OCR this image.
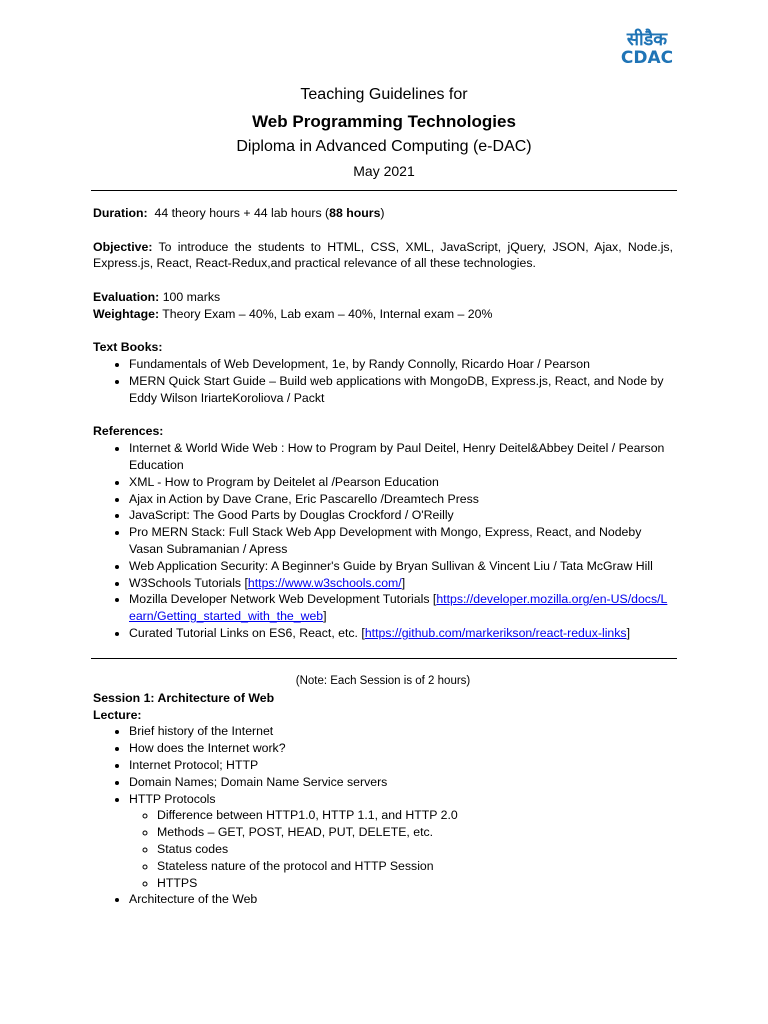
सीडैक
CDAC
Teaching Guidelines for
Web Programming Technologies
Diploma in Advanced Computing (e-DAC)
May 2021

Duration: 44 theory hours + 44 lab hours (88 hours)

Objective: To introduce the students to HTML, CSS, XML, JavaScript, jQuery, JSON, Ajax, Node.js, Express.js, React, React-Redux,and practical relevance of all these technologies.

Evaluation: 100 marks

Weightage: Theory Exam – 40%, Lab exam – 40%, Internal exam – 20%

Text Books:

• Fundamentals of Web Development, 1e, by Randy Connolly, Ricardo Hoar / Pearson
• MERN Quick Start Guide – Build web applications with MongoDB, Express.js, React, and Node by Eddy Wilson IriarteKoroliova / Packt

References:

• Internet & World Wide Web : How to Program by Paul Deitel, Henry Deitel&Abbey Deitel / Pearson Education
• XML - How to Program by Deitelet al /Pearson Education
• Ajax in Action by Dave Crane, Eric Pascarello /Dreamtech Press
• JavaScript: The Good Parts by Douglas Crockford / O'Reilly
• Pro MERN Stack: Full Stack Web App Development with Mongo, Express, React, and Nodeby Vasan Subramanian / Apress
• Web Application Security: A Beginner's Guide by Bryan Sullivan & Vincent Liu / Tata McGraw Hill
• W3Schools Tutorials [https://www.w3schools.com/]
• Mozilla Developer Network Web Development Tutorials [https://developer.mozilla.org/en-US/docs/Learn/Getting_started_with_the_web]
• Curated Tutorial Links on ES6, React, etc. [https://github.com/markerikson/react-redux-links]

(Note: Each Session is of 2 hours)

Session 1: Architecture of Web

Lecture:

• Brief history of the Internet
• How does the Internet work?
• Internet Protocol; HTTP
• Domain Names; Domain Name Service servers
• HTTP Protocols
◦ Difference between HTTP1.0, HTTP 1.1, and HTTP 2.0
◦ Methods – GET, POST, HEAD, PUT, DELETE, etc.
◦ Status codes
◦ Stateless nature of the protocol and HTTP Session
◦ HTTPS
• Architecture of the Web
